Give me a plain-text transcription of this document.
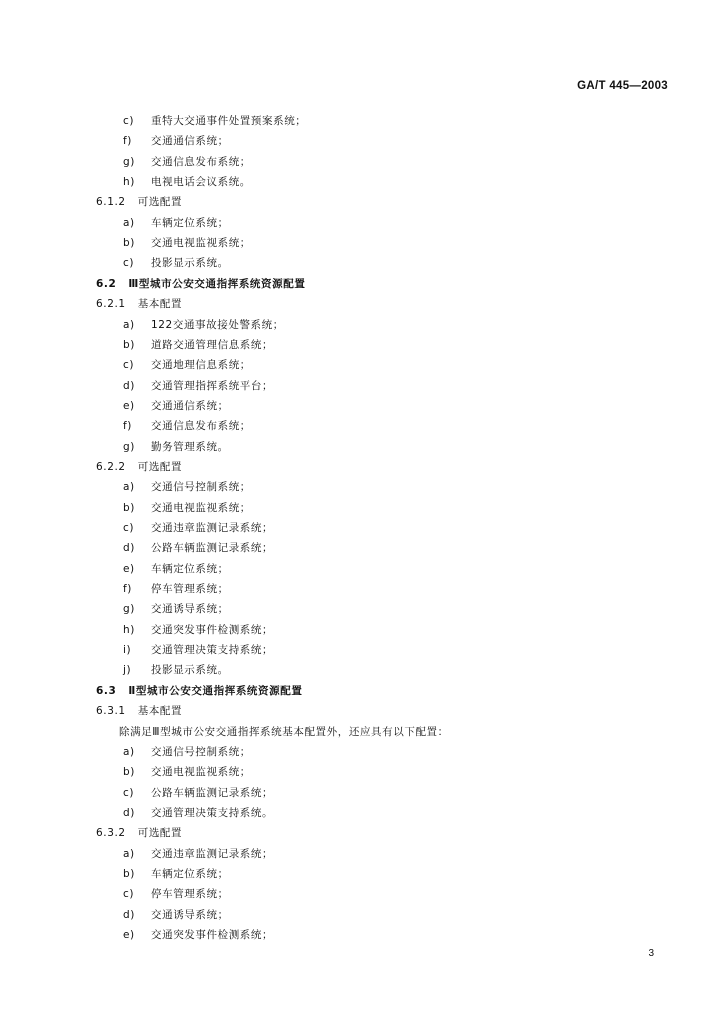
GA/T 445—2003
c) 重特大交通事件处置预案系统；
f) 交通通信系统；
g) 交通信息发布系统；
h) 电视电话会议系统。
6.1.2 可选配置
a) 车辆定位系统；
b) 交通电视监视系统；
c) 投影显示系统。
6.2 Ⅲ型城市公安交通指挥系统资源配置
6.2.1 基本配置
a) 122交通事故接处警系统；
b) 道路交通管理信息系统；
c) 交通地理信息系统；
d) 交通管理指挥系统平台；
e) 交通通信系统；
f) 交通信息发布系统；
g) 勤务管理系统。
6.2.2 可选配置
a) 交通信号控制系统；
b) 交通电视监视系统；
c) 交通违章监测记录系统；
d) 公路车辆监测记录系统；
e) 车辆定位系统；
f) 停车管理系统；
g) 交通诱导系统；
h) 交通突发事件检测系统；
i) 交通管理决策支持系统；
j) 投影显示系统。
6.3 Ⅱ型城市公安交通指挥系统资源配置
6.3.1 基本配置
除满足Ⅲ型城市公安交通指挥系统基本配置外，还应具有以下配置：
a) 交通信号控制系统；
b) 交通电视监视系统；
c) 公路车辆监测记录系统；
d) 交通管理决策支持系统。
6.3.2 可选配置
a) 交通违章监测记录系统；
b) 车辆定位系统；
c) 停车管理系统；
d) 交通诱导系统；
e) 交通突发事件检测系统；
3
